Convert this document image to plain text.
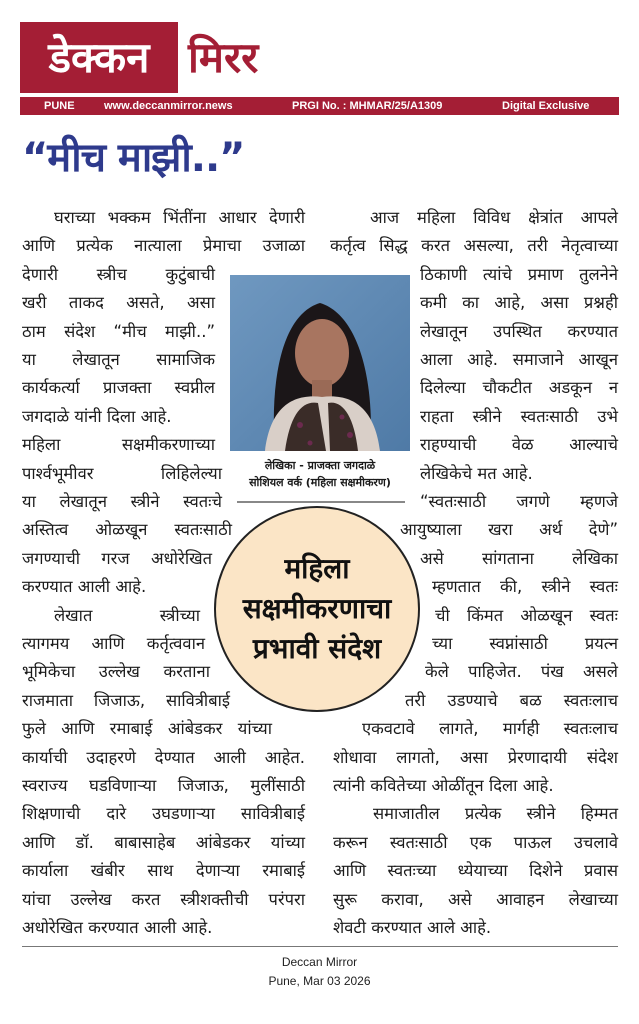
डेक्कन मिरर
PUNE	www.deccanmirror.news	PRGI No. : MHMAR/25/A1309	Digital Exclusive
“मीच माझी..”
घराच्या भक्कम भिंतींना आधार देणारी
आणि प्रत्येक नात्याला प्रेमाचा उजाळा
देणारी स्त्रीच कुटुंबाची
खरी ताकद असते, असा
ठाम संदेश “मीच माझी..”
या लेखातून सामाजिक
कार्यकर्त्या प्राजक्ता स्वप्नील
जगदाळे यांनी दिला आहे.
महिला सक्षमीकरणाच्या
पार्श्वभूमीवर लिहिलेल्या
या लेखातून स्त्रीने स्वतःचे
अस्तित्व ओळखून स्वतःसाठी
जगण्याची गरज अधोरेखित
करण्यात आली आहे.
लेखात स्त्रीच्या
त्यागमय आणि कर्तृत्ववान
भूमिकेचा उल्लेख करताना
राजमाता जिजाऊ, सावित्रीबाई
फुले आणि रमाबाई आंबेडकर यांच्या
कार्याची उदाहरणे देण्यात आली आहेत.
स्वराज्य घडविणाऱ्या जिजाऊ, मुलींसाठी
शिक्षणाची दारे उघडणाऱ्या सावित्रीबाई
आणि डॉ. बाबासाहेब आंबेडकर यांच्या
कार्याला खंबीर साथ देणाऱ्या रमाबाई
यांचा उल्लेख करत स्त्रीशक्तीची परंपरा
अधोरेखित करण्यात आली आहे.
आज महिला विविध क्षेत्रांत आपले
कर्तृत्व सिद्ध करत असल्या, तरी नेतृत्वाच्या
ठिकाणी त्यांचे प्रमाण तुलनेने
कमी का आहे, असा प्रश्नही
लेखातून उपस्थित करण्यात
आला आहे. समाजाने आखून
दिलेल्या चौकटीत अडकून न
राहता स्त्रीने स्वतःसाठी उभे
राहण्याची वेळ आल्याचे
लेखिकेचे मत आहे.
“स्वतःसाठी जगणे म्हणजे
आयुष्याला खरा अर्थ देणे”
असे सांगताना लेखिका
म्हणतात की, स्त्रीने स्वतः
ची किंमत ओळखून स्वतः
च्या स्वप्नांसाठी प्रयत्न
केले पाहिजेत. पंख असले
तरी उडण्याचे बळ स्वतःलाच
एकवटावे लागते, मार्गही स्वतःलाच
शोधावा लागतो, असा प्रेरणादायी संदेश
त्यांनी कवितेच्या ओळींतून दिला आहे.
समाजातील प्रत्येक स्त्रीने हिम्मत
करून स्वतःसाठी एक पाऊल उचलावे
आणि स्वतःच्या ध्येयाच्या दिशेने प्रवास
सुरू करावा, असे आवाहन लेखाच्या
शेवटी करण्यात आले आहे.
लेखिका - प्राजक्ता जगदाळे
सोशियल वर्क (महिला सक्षमीकरण)
महिला
सक्षमीकरणाचा
प्रभावी संदेश
Deccan Mirror
Pune, Mar 03 2026
